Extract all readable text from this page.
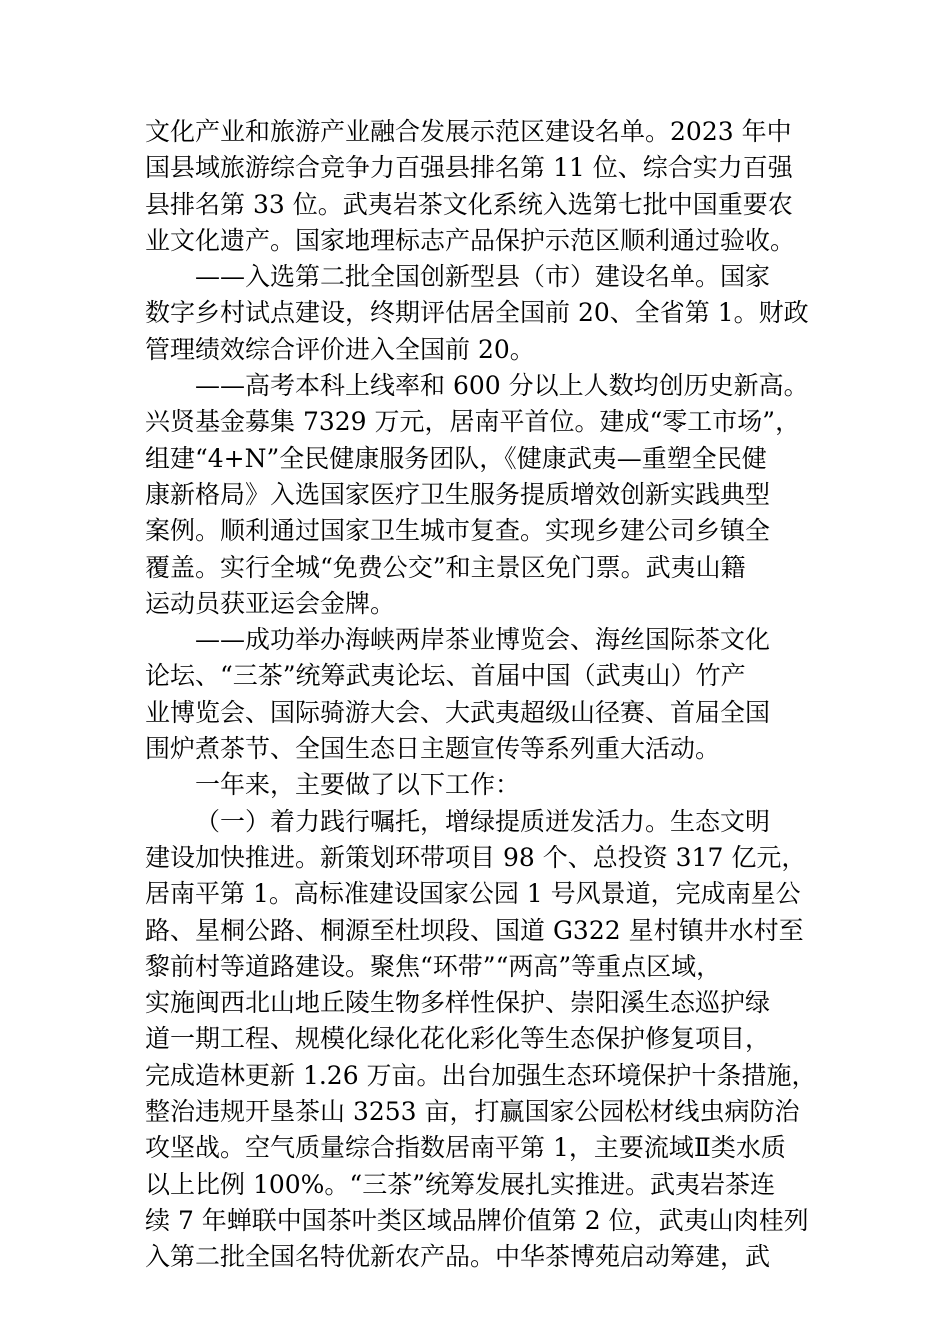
文化产业和旅游产业融合发展示范区建设名单。2023 年中
国县域旅游综合竞争力百强县排名第 11 位、综合实力百强
县排名第 33 位。武夷岩茶文化系统入选第七批中国重要农
业文化遗产。国家地理标志产品保护示范区顺利通过验收。
——入选第二批全国创新型县（市）建设名单。国家
数字乡村试点建设，终期评估居全国前 20、全省第 1。财政
管理绩效综合评价进入全国前 20。
——高考本科上线率和 600 分以上人数均创历史新高。
兴贤基金募集 7329 万元，居南平首位。建成“零工市场”，
组建“4+N”全民健康服务团队，《健康武夷—重塑全民健
康新格局》入选国家医疗卫生服务提质增效创新实践典型
案例。顺利通过国家卫生城市复查。实现乡建公司乡镇全
覆盖。实行全城“免费公交”和主景区免门票。武夷山籍
运动员获亚运会金牌。
——成功举办海峡两岸茶业博览会、海丝国际茶文化
论坛、“三茶”统筹武夷论坛、首届中国（武夷山）竹产
业博览会、国际骑游大会、大武夷超级山径赛、首届全国
围炉煮茶节、全国生态日主题宣传等系列重大活动。
一年来，主要做了以下工作：
（一）着力践行嘱托，增绿提质迸发活力。生态文明
建设加快推进。新策划环带项目 98 个、总投资 317 亿元，
居南平第 1。高标准建设国家公园 1 号风景道，完成南星公
路、星桐公路、桐源至杜坝段、国道 G322 星村镇井水村至
黎前村等道路建设。聚焦“环带”“两高”等重点区域，
实施闽西北山地丘陵生物多样性保护、崇阳溪生态巡护绿
道一期工程、规模化绿化花化彩化等生态保护修复项目，
完成造林更新 1.26 万亩。出台加强生态环境保护十条措施，
整治违规开垦茶山 3253 亩，打赢国家公园松材线虫病防治
攻坚战。空气质量综合指数居南平第 1，主要流域Ⅱ类水质
以上比例 100%。“三茶”统筹发展扎实推进。武夷岩茶连
续 7 年蝉联中国茶叶类区域品牌价值第 2 位，武夷山肉桂列
入第二批全国名特优新农产品。中华茶博苑启动筹建，武
